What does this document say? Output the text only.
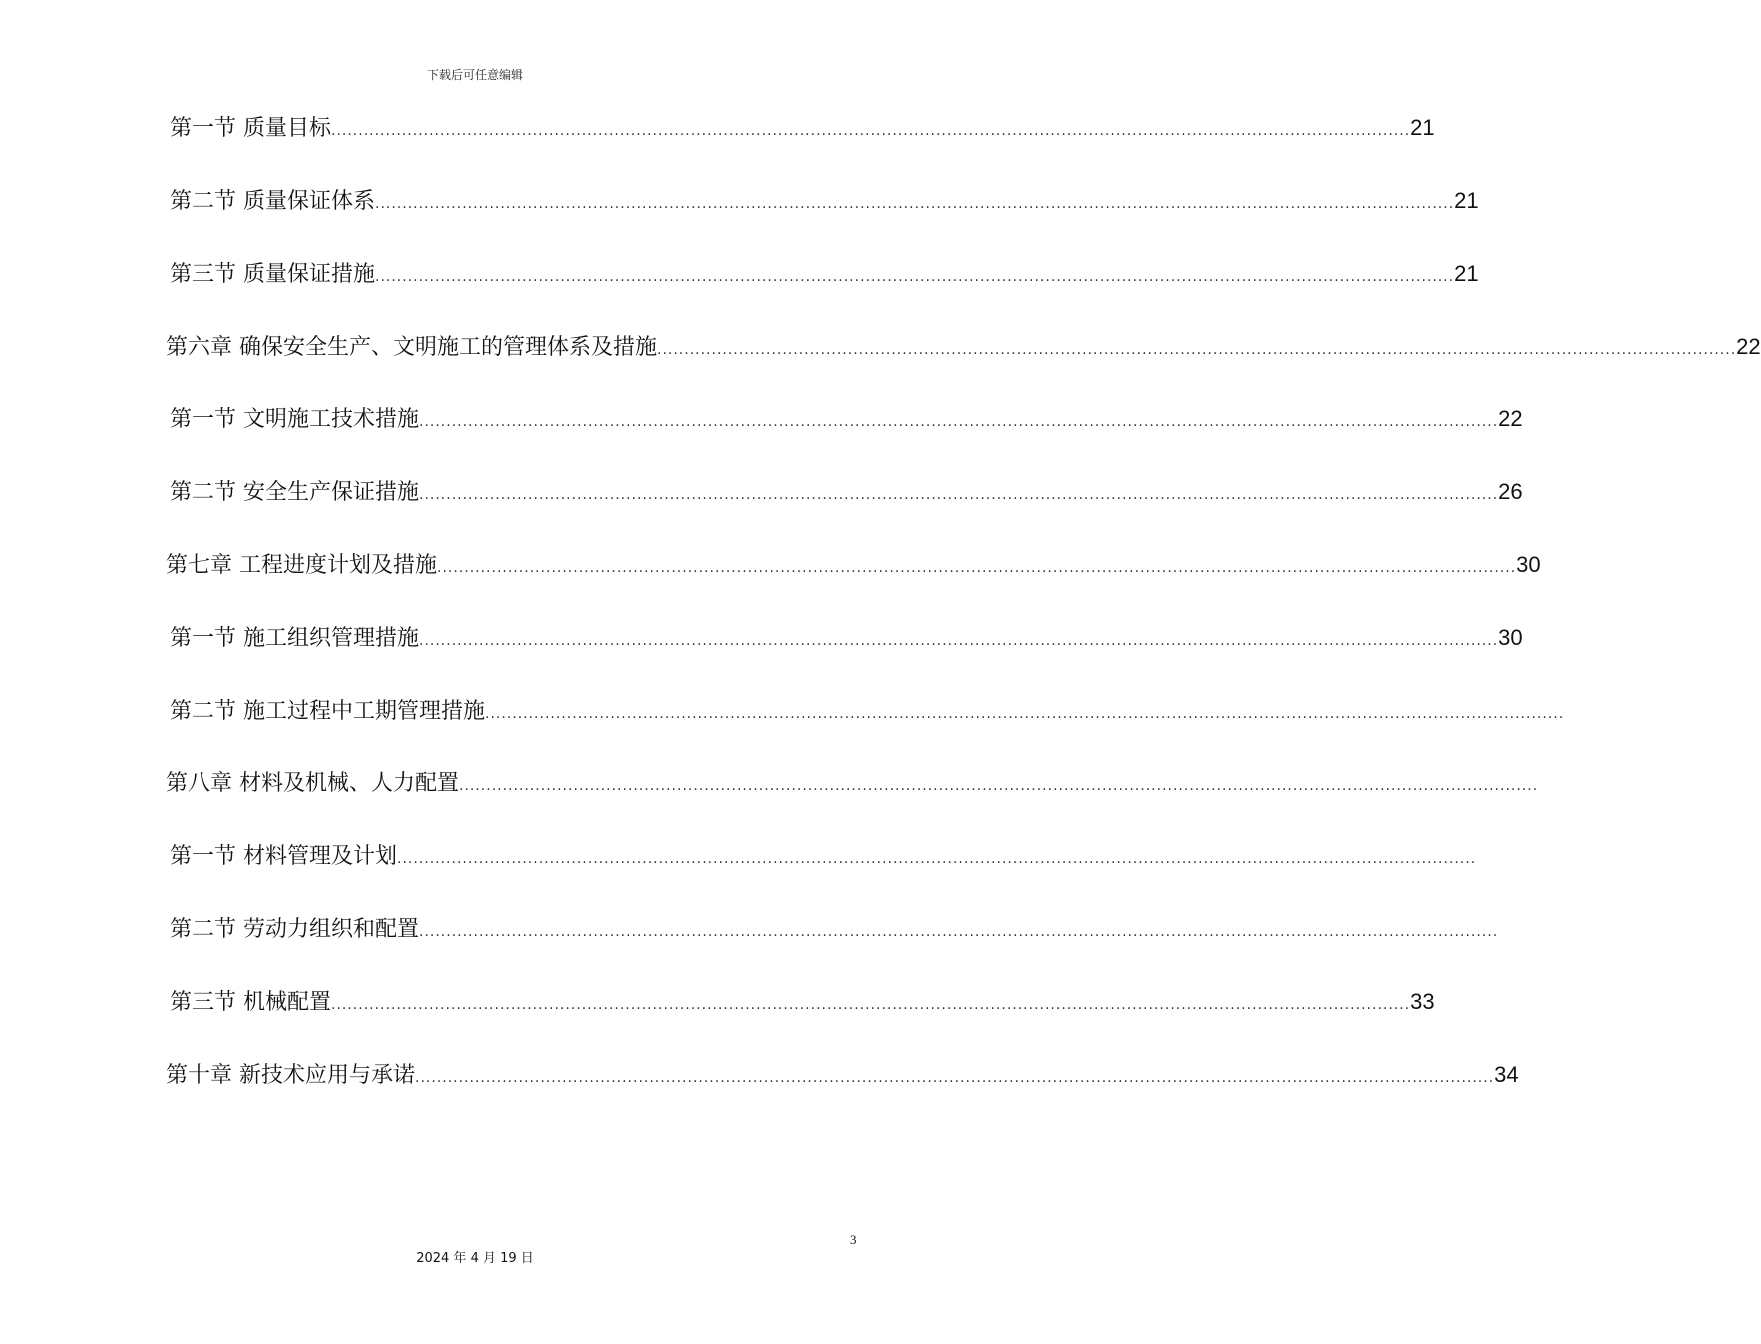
下载后可任意编辑
第一节 质量目标 ...................................................................................................................................................................................................... 21
第二节 质量保证体系 ...................................................................................................................................................................................................... 21
第三节 质量保证措施 ...................................................................................................................................................................................................... 21
第六章 确保安全生产、文明施工的管理体系及措施 ...................................................................................................................................................................................................... 22
第一节 文明施工技术措施 ...................................................................................................................................................................................................... 22
第二节 安全生产保证措施 ...................................................................................................................................................................................................... 26
第七章 工程进度计划及措施 ...................................................................................................................................................................................................... 30
第一节 施工组织管理措施 ...................................................................................................................................................................................................... 30
第二节 施工过程中工期管理措施 ......................................................................................................................................................................................................
第八章 材料及机械、人力配置 ......................................................................................................................................................................................................
第一节 材料管理及计划 ......................................................................................................................................................................................................
第二节 劳动力组织和配置 ......................................................................................................................................................................................................
第三节 机械配置 ...................................................................................................................................................................................................... 33
第十章 新技术应用与承诺 ...................................................................................................................................................................................................... 34
3
2024 年 4 月 19 日
